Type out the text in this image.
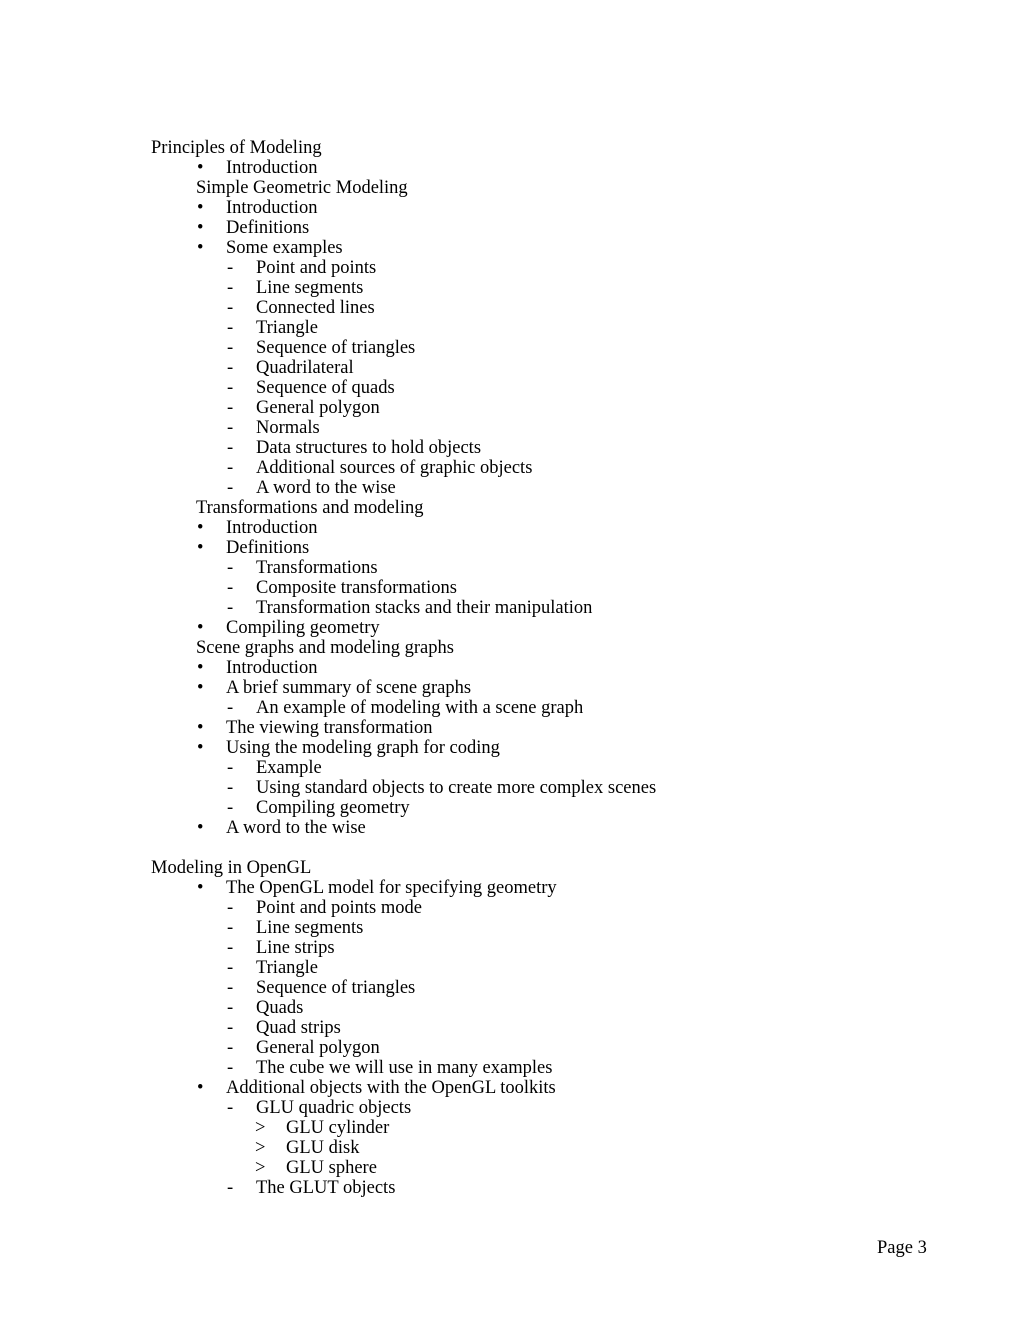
Principles of Modeling
• Introduction
Simple Geometric Modeling
• Introduction
• Definitions
• Some examples
- Point and points
- Line segments
- Connected lines
- Triangle
- Sequence of triangles
- Quadrilateral
- Sequence of quads
- General polygon
- Normals
- Data structures to hold objects
- Additional sources of graphic objects
- A word to the wise
Transformations and modeling
• Introduction
• Definitions
- Transformations
- Composite transformations
- Transformation stacks and their manipulation
• Compiling geometry
Scene graphs and modeling graphs
• Introduction
• A brief summary of scene graphs
- An example of modeling with a scene graph
• The viewing transformation
• Using the modeling graph for coding
- Example
- Using standard objects to create more complex scenes
- Compiling geometry
• A word to the wise
Modeling in OpenGL
• The OpenGL model for specifying geometry
- Point and points mode
- Line segments
- Line strips
- Triangle
- Sequence of triangles
- Quads
- Quad strips
- General polygon
- The cube we will use in many examples
• Additional objects with the OpenGL toolkits
- GLU quadric objects
> GLU cylinder
> GLU disk
> GLU sphere
- The GLUT objects
Page 3
